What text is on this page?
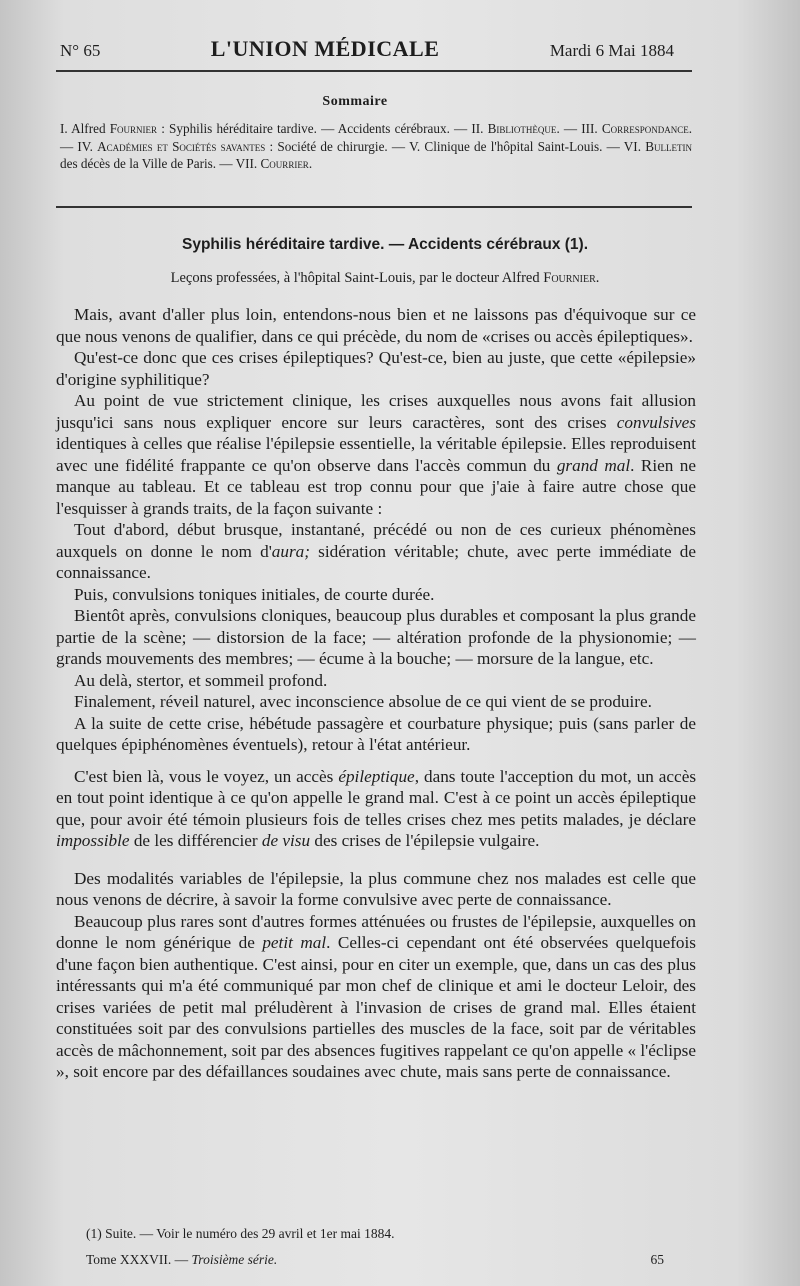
N° 65	L'UNION MÉDICALE	Mardi 6 Mai 1884
Sommaire
I. Alfred Fournier : Syphilis héréditaire tardive. — Accidents cérébraux. — II. Bibliothèque. — III. Correspondance. — IV. Académies et Sociétés savantes : Société de chirurgie. — V. Clinique de l'hôpital Saint-Louis. — VI. Bulletin des décès de la Ville de Paris. — VII. Courrier.
Syphilis héréditaire tardive. — Accidents cérébraux (1).
Leçons professées, à l'hôpital Saint-Louis, par le docteur Alfred Fournier.

Mais, avant d'aller plus loin, entendons-nous bien et ne laissons pas d'équivoque sur ce que nous venons de qualifier, dans ce qui précède, du nom de «crises ou accès épileptiques».

Qu'est-ce donc que ces crises épileptiques? Qu'est-ce, bien au juste, que cette «épilepsie» d'origine syphilitique?

Au point de vue strictement clinique, les crises auxquelles nous avons fait allusion jusqu'ici sans nous expliquer encore sur leurs caractères, sont des crises convulsives identiques à celles que réalise l'épilepsie essentielle, la véritable épilepsie. Elles reproduisent avec une fidélité frappante ce qu'on observe dans l'accès commun du grand mal. Rien ne manque au tableau. Et ce tableau est trop connu pour que j'aie à faire autre chose que l'esquisser à grands traits, de la façon suivante :

Tout d'abord, début brusque, instantané, précédé ou non de ces curieux phénomènes auxquels on donne le nom d'aura; sidération véritable; chute, avec perte immédiate de connaissance.

Puis, convulsions toniques initiales, de courte durée.

Bientôt après, convulsions cloniques, beaucoup plus durables et composant la plus grande partie de la scène; — distorsion de la face; — altération profonde de la physionomie; — grands mouvements des membres; — écume à la bouche; — morsure de la langue, etc.

Au delà, stertor, et sommeil profond.

Finalement, réveil naturel, avec inconscience absolue de ce qui vient de se produire.

A la suite de cette crise, hébétude passagère et courbature physique; puis (sans parler de quelques épiphénomènes éventuels), retour à l'état antérieur.

C'est bien là, vous le voyez, un accès épileptique, dans toute l'acception du mot, un accès en tout point identique à ce qu'on appelle le grand mal. C'est à ce point un accès épileptique que, pour avoir été témoin plusieurs fois de telles crises chez mes petits malades, je déclare impossible de les différencier de visu des crises de l'épilepsie vulgaire.

Des modalités variables de l'épilepsie, la plus commune chez nos malades est celle que nous venons de décrire, à savoir la forme convulsive avec perte de connaissance.

Beaucoup plus rares sont d'autres formes atténuées ou frustes de l'épilepsie, auxquelles on donne le nom générique de petit mal. Celles-ci cependant ont été observées quelquefois d'une façon bien authentique. C'est ainsi, pour en citer un exemple, que, dans un cas des plus intéressants qui m'a été communiqué par mon chef de clinique et ami le docteur Leloir, des crises variées de petit mal préludèrent à l'invasion de crises de grand mal. Elles étaient constituées soit par des convulsions partielles des muscles de la face, soit par de véritables accès de mâchonnement, soit par des absences fugitives rappelant ce qu'on appelle « l'éclipse », soit encore par des défaillances soudaines avec chute, mais sans perte de connaissance.

(1) Suite. — Voir le numéro des 29 avril et 1er mai 1884.
Tome XXXVII. — Troisième série.	65
